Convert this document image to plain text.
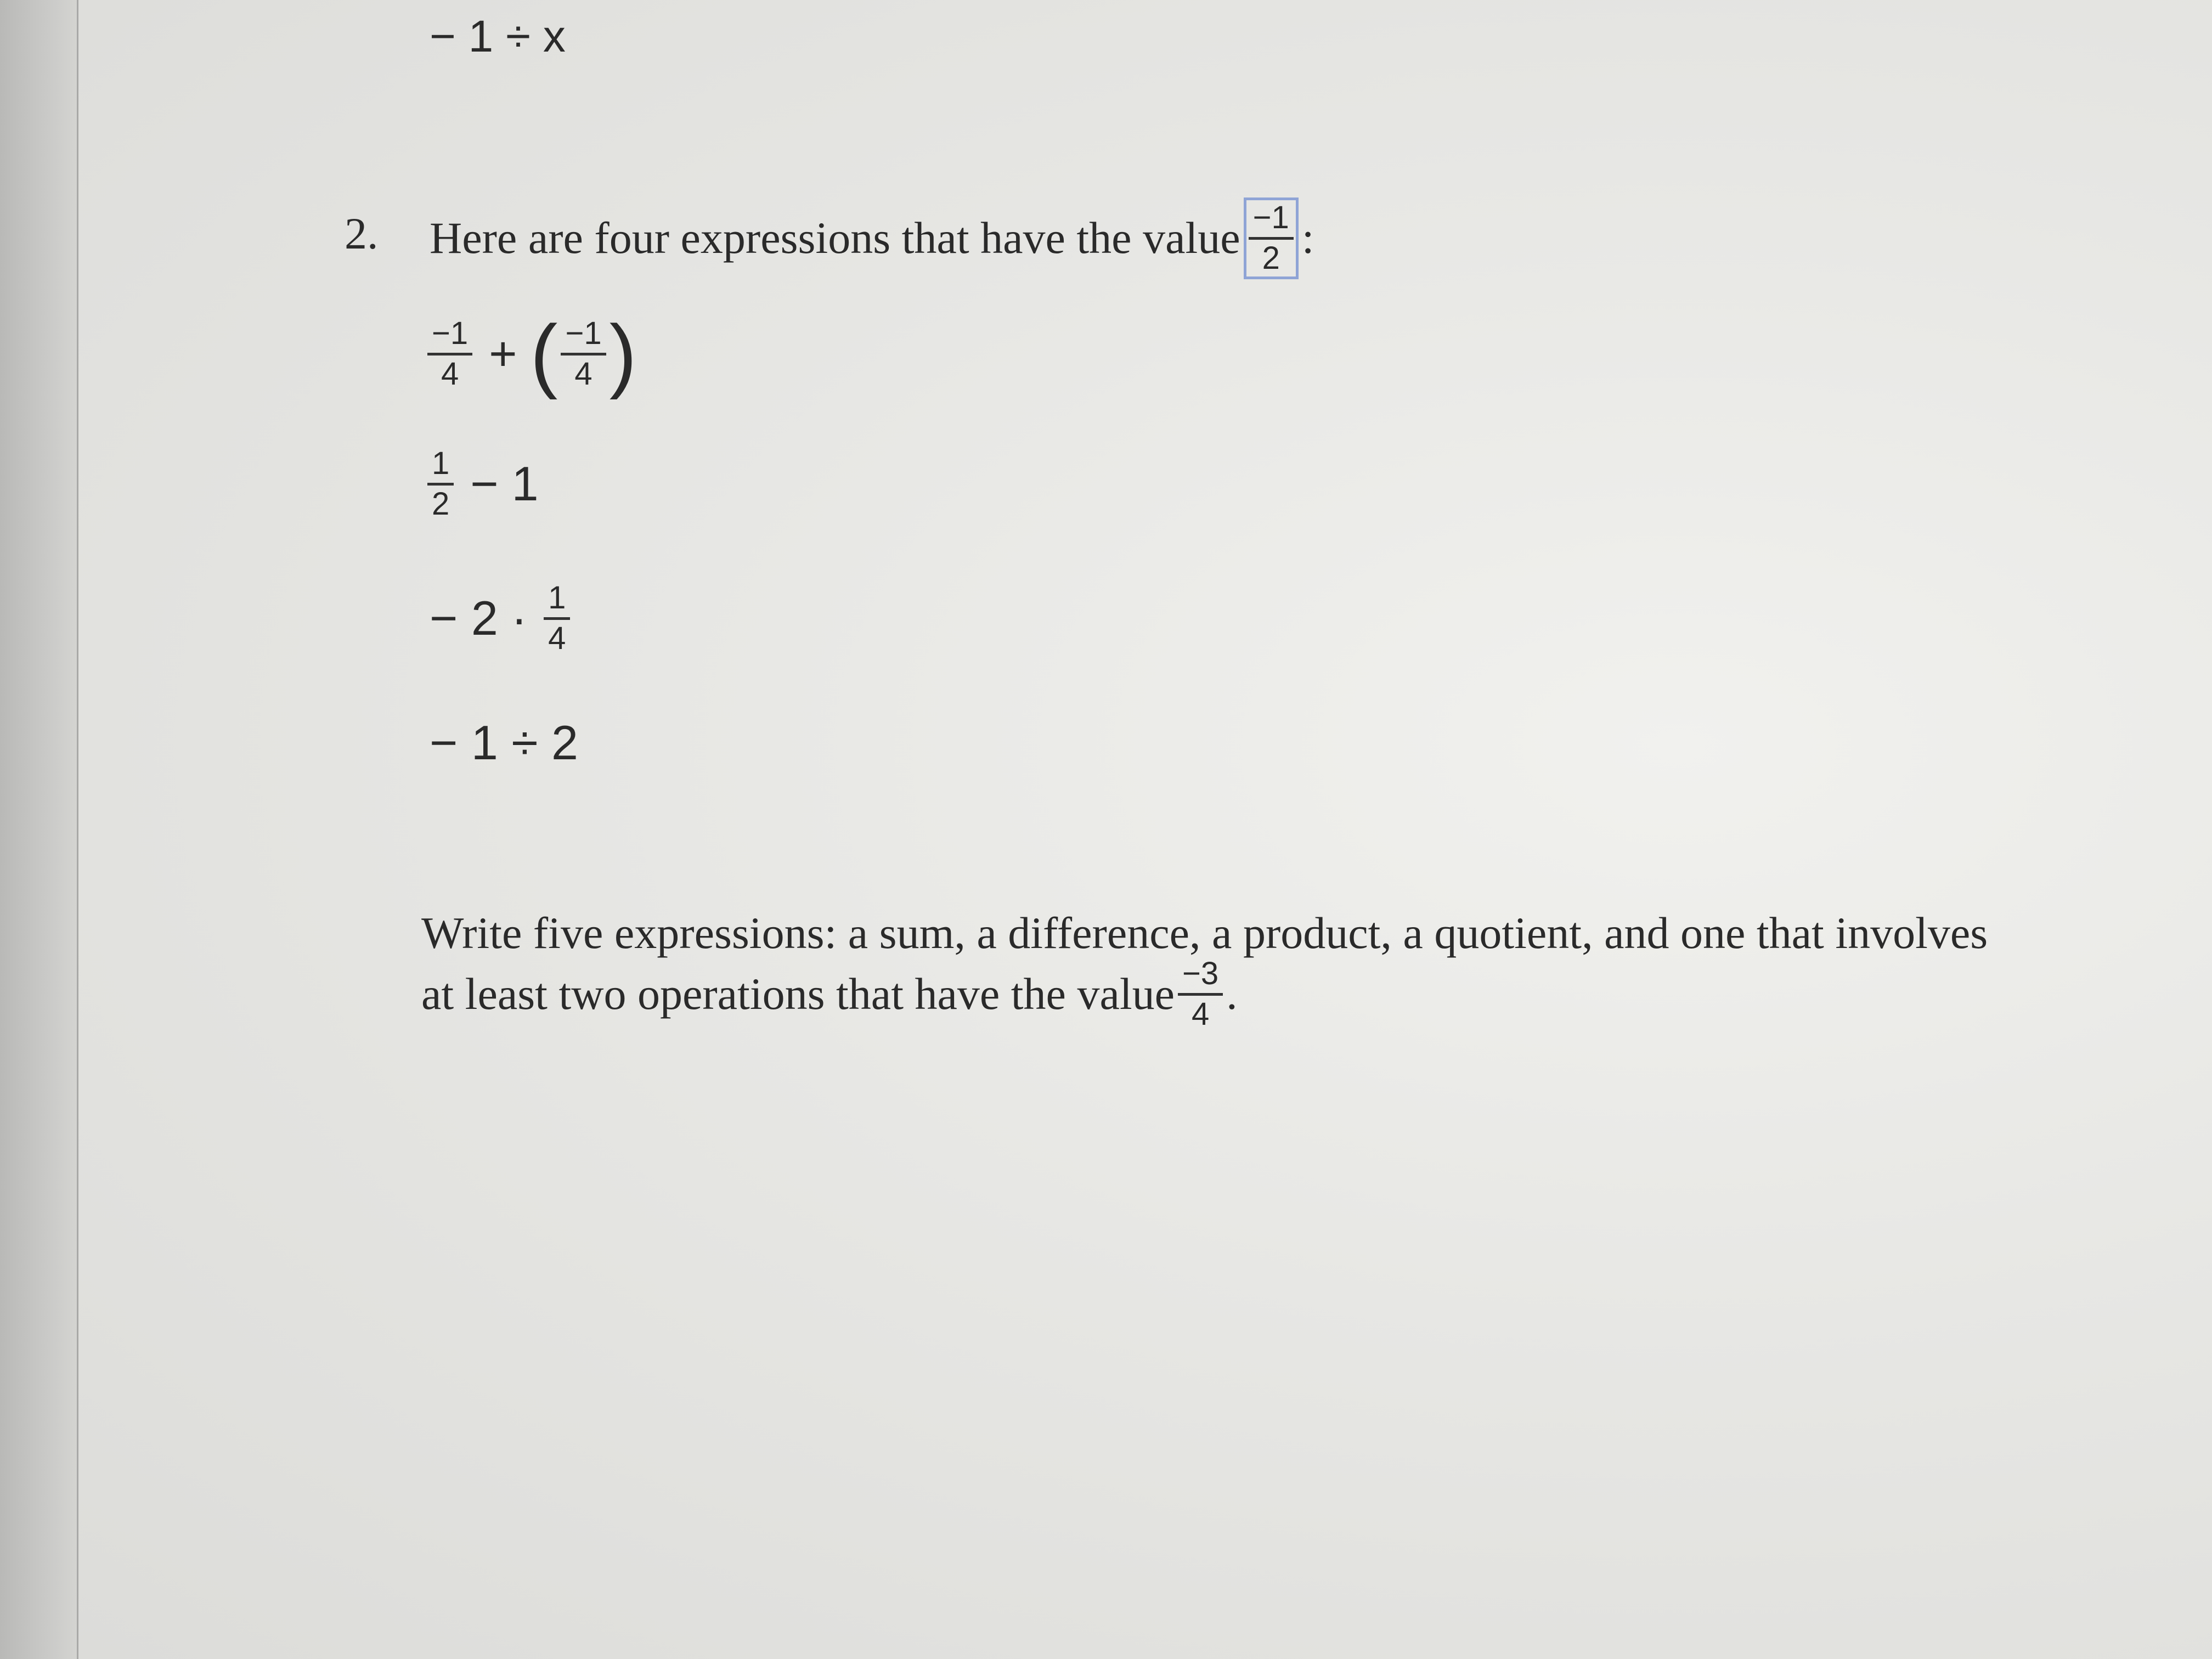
− 1 ÷ x
2. Here are four expressions that have the value −1
2 :
−1
4 + ( −1
4 )
1
2 − 1
− 2 · 1
4
− 1 ÷ 2
Write five expressions: a sum, a difference, a product, a quotient, and one that involves
at least two operations that have the value −3
4 .
